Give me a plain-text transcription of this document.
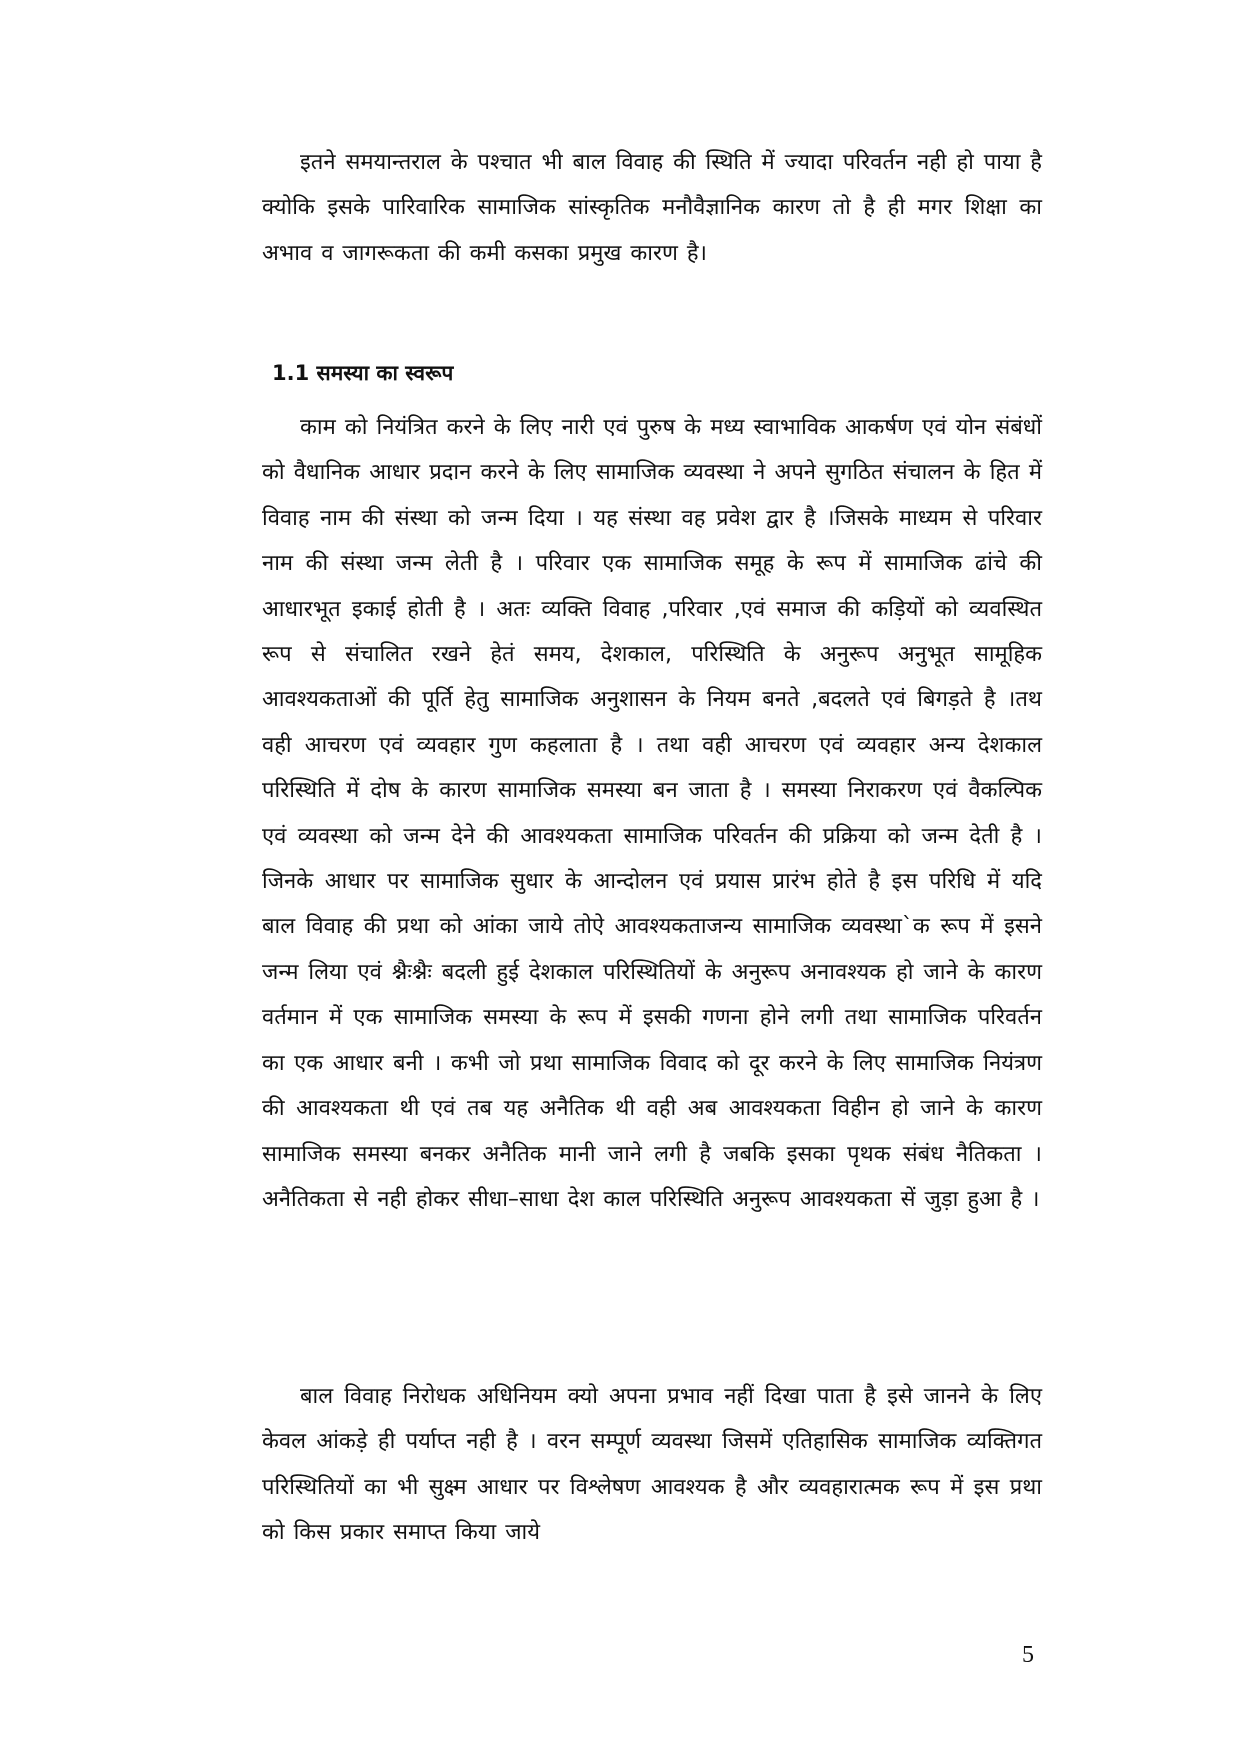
इतने समयान्तराल के पश्चात भी बाल विवाह की स्थिति में ज्यादा परिवर्तन नही हो पाया है क्योकि इसके पारिवारिक सामाजिक सांस्कृतिक मनौवैज्ञानिक कारण तो है ही मगर शिक्षा का अभाव व जागरूकता की कमी कसका प्रमुख कारण है।

1.1 समस्या का स्वरूप

काम को नियंत्रित करने के लिए नारी एवं पुरुष के मध्य स्वाभाविक आकर्षण एवं योन संबंधों को वैधानिक आधार प्रदान करने के लिए सामाजिक व्यवस्था ने अपने सुगठित संचालन के हित में विवाह नाम की संस्था को जन्म दिया । यह संस्था वह प्रवेश द्वार है ।जिसके माध्यम से परिवार नाम की संस्था जन्म लेती है । परिवार एक सामाजिक समूह के रूप में सामाजिक ढांचे की आधारभूत इकाई होती है । अतः व्यक्ति विवाह ,परिवार ,एवं समाज की कड़ियों को व्यवस्थित रूप से संचालित रखने हेतं समय, देशकाल, परिस्थिति के अनुरूप अनुभूत सामूहिक आवश्यकताओं की पूर्ति हेतु सामाजिक अनुशासन के नियम बनते ,बदलते एवं बिगड़ते है ।तथ वही आचरण एवं व्यवहार गुण कहलाता है । तथा वही आचरण एवं व्यवहार अन्य देशकाल परिस्थिति में दोष के कारण सामाजिक समस्या बन जाता है । समस्या निराकरण एवं वैकल्पिक एवं व्यवस्था को जन्म देने की आवश्यकता सामाजिक परिवर्तन की प्रक्रिया को जन्म देती है । जिनके आधार पर सामाजिक सुधार के आन्दोलन एवं प्रयास प्रारंभ होते है इस परिधि में यदि बाल विवाह की प्रथा को आंका जाये तोऐ आवश्यकताजन्य सामाजिक व्यवस्था`क रूप में इसने जन्म लिया एवं श्नैःश्नैः बदली हुई देशकाल परिस्थितियों के अनुरूप अनावश्यक हो जाने के कारण वर्तमान में एक सामाजिक समस्या के रूप में इसकी गणना होने लगी तथा सामाजिक परिवर्तन का एक आधार बनी । कभी जो प्रथा सामाजिक विवाद को दूर करने के लिए सामाजिक नियंत्रण की आवश्यकता थी एवं तब यह अनैतिक थी वही अब आवश्यकता विहीन हो जाने के कारण सामाजिक समस्या बनकर अनैतिक मानी जाने लगी है जबकि इसका पृथक संबंध नैतिकता । अनैतिकता से नही होकर सीधा–साधा देश काल परिस्थिति अनुरूप आवश्यकता सें जुड़ा हुआ है ।

बाल विवाह निरोधक अधिनियम क्यो अपना प्रभाव नहीं दिखा पाता है इसे जानने के लिए केवल आंकड़े ही पर्याप्त नही है । वरन सम्पूर्ण व्यवस्था जिसमें एतिहासिक सामाजिक व्यक्तिगत परिस्थितियों का भी सुक्ष्म आधार पर विश्लेषण आवश्यक है और व्यवहारात्मक रूप में इस प्रथा को किस प्रकार समाप्त किया जाये

5
